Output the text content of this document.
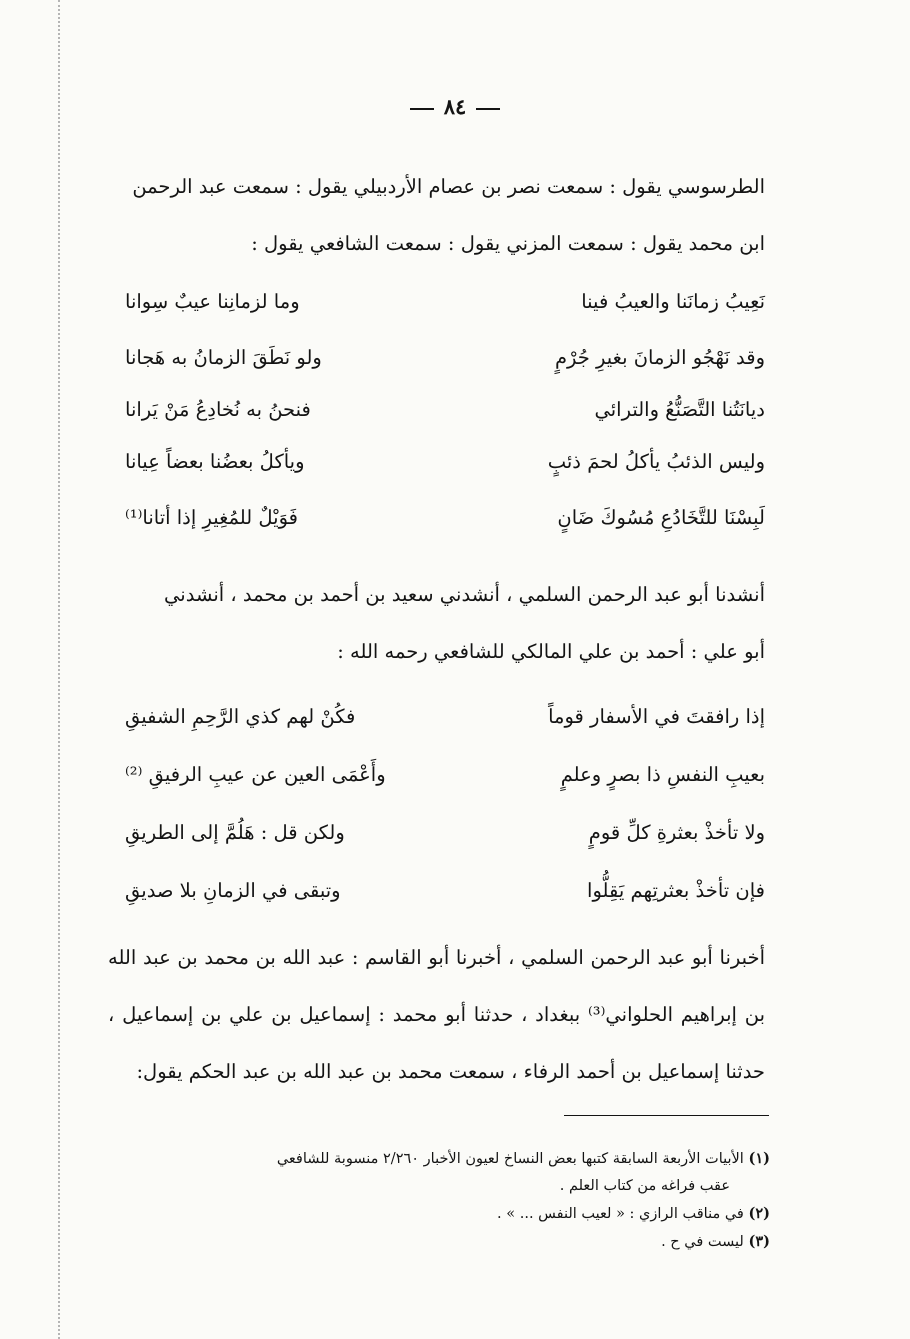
٨٤

الطرسوسي يقول : سمعت نصر بن عصام الأردبيلي يقول : سمعت عبد الرحمن

ابن محمد يقول : سمعت المزني يقول : سمعت الشافعي يقول :

نَعِيبُ زمانَنا والعيبُ فينا
وما لزمانِنا عيبٌ سِوانا
وقد نَهْجُو الزمانَ بغيرِ جُرْمٍ
ولو نَطَقَ الزمانُ به هَجانا
ديانَتُنا التَّصَنُّعُ والترائي
فنحنُ به نُخادِعُ مَنْ يَرانا
وليس الذئبُ يأكلُ لحمَ ذئبٍ
ويأكلُ بعضُنا بعضاً عِيانا
لَبِسْنَا للتَّخَادُعِ مُسُوكَ ضَانٍ
فَوَيْلٌ للمُغِيرِ إذا أتانا⁽¹⁾

أنشدنا أبو عبد الرحمن السلمي ، أنشدني سعيد بن أحمد بن محمد ، أنشدني

أبو علي : أحمد بن علي المالكي للشافعي رحمه الله :

إذا رافقتَ في الأسفار قوماً
فكُنْ لهم كذي الرَّحِمِ الشفيقِ
بعيبِ النفسِ ذا بصرٍ وعلمٍ
وأَعْمَى العين عن عيبِ الرفيقِ ⁽²⁾
ولا تأخذْ بعثرةِ كلِّ قومٍ
ولكن قل : هَلُمَّ إلى الطريقِ
فإن تأخذْ بعثرتِهم يَقِلُّوا
وتبقى في الزمانِ بلا صديقِ

أخبرنا أبو عبد الرحمن السلمي ، أخبرنا أبو القاسم : عبد الله بن محمد بن عبد الله بن إبراهيم الحلواني⁽³⁾ ببغداد ، حدثنا أبو محمد : إسماعيل بن علي بن إسماعيل ، حدثنا إسماعيل بن أحمد الرفاء ، سمعت محمد بن عبد الله بن عبد الحكم يقول:

(١) الأبيات الأربعة السابقة كتبها بعض النساخ لعيون الأخبار ٢/٢٦٠ منسوبة للشافعي

عقب فراغه من كتاب العلم .

(٢) في مناقب الرازي : « لعيب النفس ... » .

(٣) ليست في ح .
